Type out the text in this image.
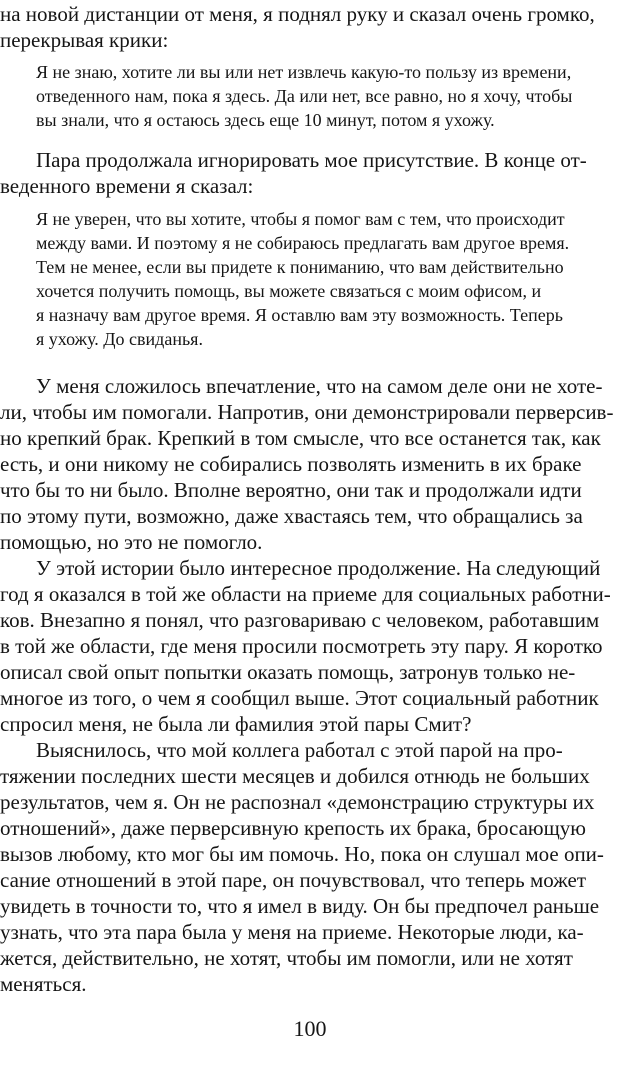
на новой дистанции от меня, я поднял руку и сказал очень громко,
перекрывая крики:
Я не знаю, хотите ли вы или нет извлечь какую-то пользу из времени,
отведенного нам, пока я здесь. Да или нет, все равно, но я хочу, чтобы
вы знали, что я остаюсь здесь еще 10 минут, потом я ухожу.
Пара продолжала игнорировать мое присутствие. В конце от-
веденного времени я сказал:
Я не уверен, что вы хотите, чтобы я помог вам с тем, что происходит
между вами. И поэтому я не собираюсь предлагать вам другое время.
Тем не менее, если вы придете к пониманию, что вам действительно
хочется получить помощь, вы можете связаться с моим офисом, и
я назначу вам другое время. Я оставлю вам эту возможность. Теперь
я ухожу. До свиданья.
У меня сложилось впечатление, что на самом деле они не хоте-
ли, чтобы им помогали. Напротив, они демонстрировали перверсив-
но крепкий брак. Крепкий в том смысле, что все останется так, как
есть, и они никому не собирались позволять изменить в их браке
что бы то ни было. Вполне вероятно, они так и продолжали идти
по этому пути, возможно, даже хвастаясь тем, что обращались за
помощью, но это не помогло.
У этой истории было интересное продолжение. На следующий
год я оказался в той же области на приеме для социальных работни-
ков. Внезапно я понял, что разговариваю с человеком, работавшим
в той же области, где меня просили посмотреть эту пару. Я коротко
описал свой опыт попытки оказать помощь, затронув только не-
многое из того, о чем я сообщил выше. Этот социальный работник
спросил меня, не была ли фамилия этой пары Смит?
Выяснилось, что мой коллега работал с этой парой на про-
тяжении последних шести месяцев и добился отнюдь не больших
результатов, чем я. Он не распознал «демонстрацию структуры их
отношений», даже перверсивную крепость их брака, бросающую
вызов любому, кто мог бы им помочь. Но, пока он слушал мое опи-
сание отношений в этой паре, он почувствовал, что теперь может
увидеть в точности то, что я имел в виду. Он бы предпочел раньше
узнать, что эта пара была у меня на приеме. Некоторые люди, ка-
жется, действительно, не хотят, чтобы им помогли, или не хотят
меняться.
100
